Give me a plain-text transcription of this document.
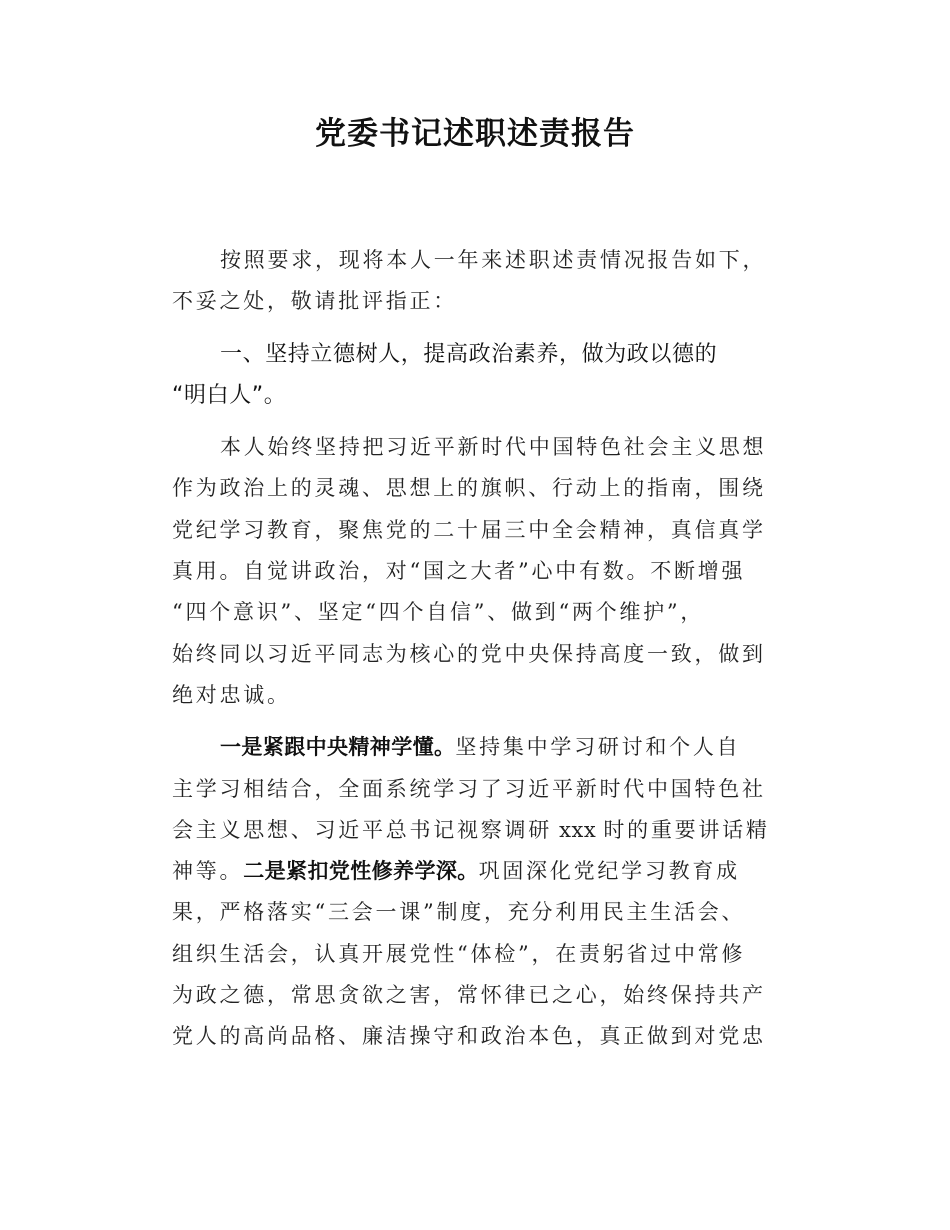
党委书记述职述责报告
按照要求，现将本人一年来述职述责情况报告如下，
不妥之处，敬请批评指正：
一、坚持立德树人，提高政治素养，做为政以德的
“明白人”。
本人始终坚持把习近平新时代中国特色社会主义思想
作为政治上的灵魂、思想上的旗帜、行动上的指南，围绕
党纪学习教育，聚焦党的二十届三中全会精神，真信真学
真用。自觉讲政治，对“国之大者”心中有数。不断增强
“四个意识”、坚定“四个自信”、做到“两个维护”，
始终同以习近平同志为核心的党中央保持高度一致，做到
绝对忠诚。
一是紧跟中央精神学懂。坚持集中学习研讨和个人自
主学习相结合，全面系统学习了习近平新时代中国特色社
会主义思想、习近平总书记视察调研 xxx 时的重要讲话精
神等。二是紧扣党性修养学深。巩固深化党纪学习教育成
果，严格落实“三会一课”制度，充分利用民主生活会、
组织生活会，认真开展党性“体检”，在责躬省过中常修
为政之德，常思贪欲之害，常怀律已之心，始终保持共产
党人的高尚品格、廉洁操守和政治本色，真正做到对党忠
